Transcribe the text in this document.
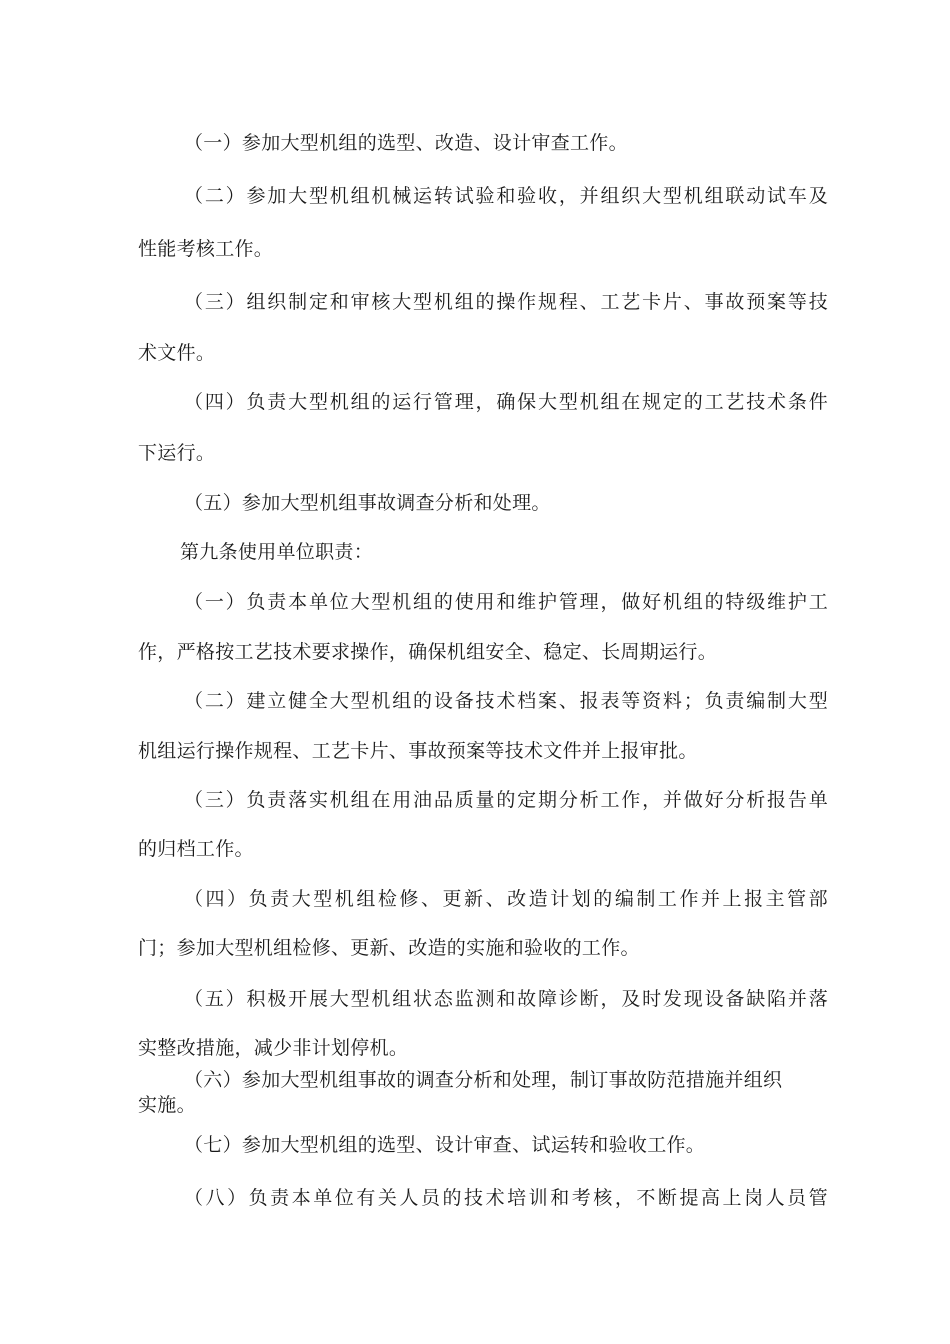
（一）参加大型机组的选型、改造、设计审查工作。
（二）参加大型机组机械运转试验和验收，并组织大型机组联动试车及
性能考核工作。
（三）组织制定和审核大型机组的操作规程、工艺卡片、事故预案等技
术文件。
（四）负责大型机组的运行管理，确保大型机组在规定的工艺技术条件
下运行。
（五）参加大型机组事故调查分析和处理。
第九条使用单位职责：
（一）负责本单位大型机组的使用和维护管理，做好机组的特级维护工
作，严格按工艺技术要求操作，确保机组安全、稳定、长周期运行。
（二）建立健全大型机组的设备技术档案、报表等资料；负责编制大型
机组运行操作规程、工艺卡片、事故预案等技术文件并上报审批。
（三）负责落实机组在用油品质量的定期分析工作，并做好分析报告单
的归档工作。
（四）负责大型机组检修、更新、改造计划的编制工作并上报主管部
门；参加大型机组检修、更新、改造的实施和验收的工作。
（五）积极开展大型机组状态监测和故障诊断，及时发现设备缺陷并落
实整改措施，减少非计划停机。
（六）参加大型机组事故的调查分析和处理，制订事故防范措施并组织
实施。
（七）参加大型机组的选型、设计审查、试运转和验收工作。
（八）负责本单位有关人员的技术培训和考核，不断提高上岗人员管
